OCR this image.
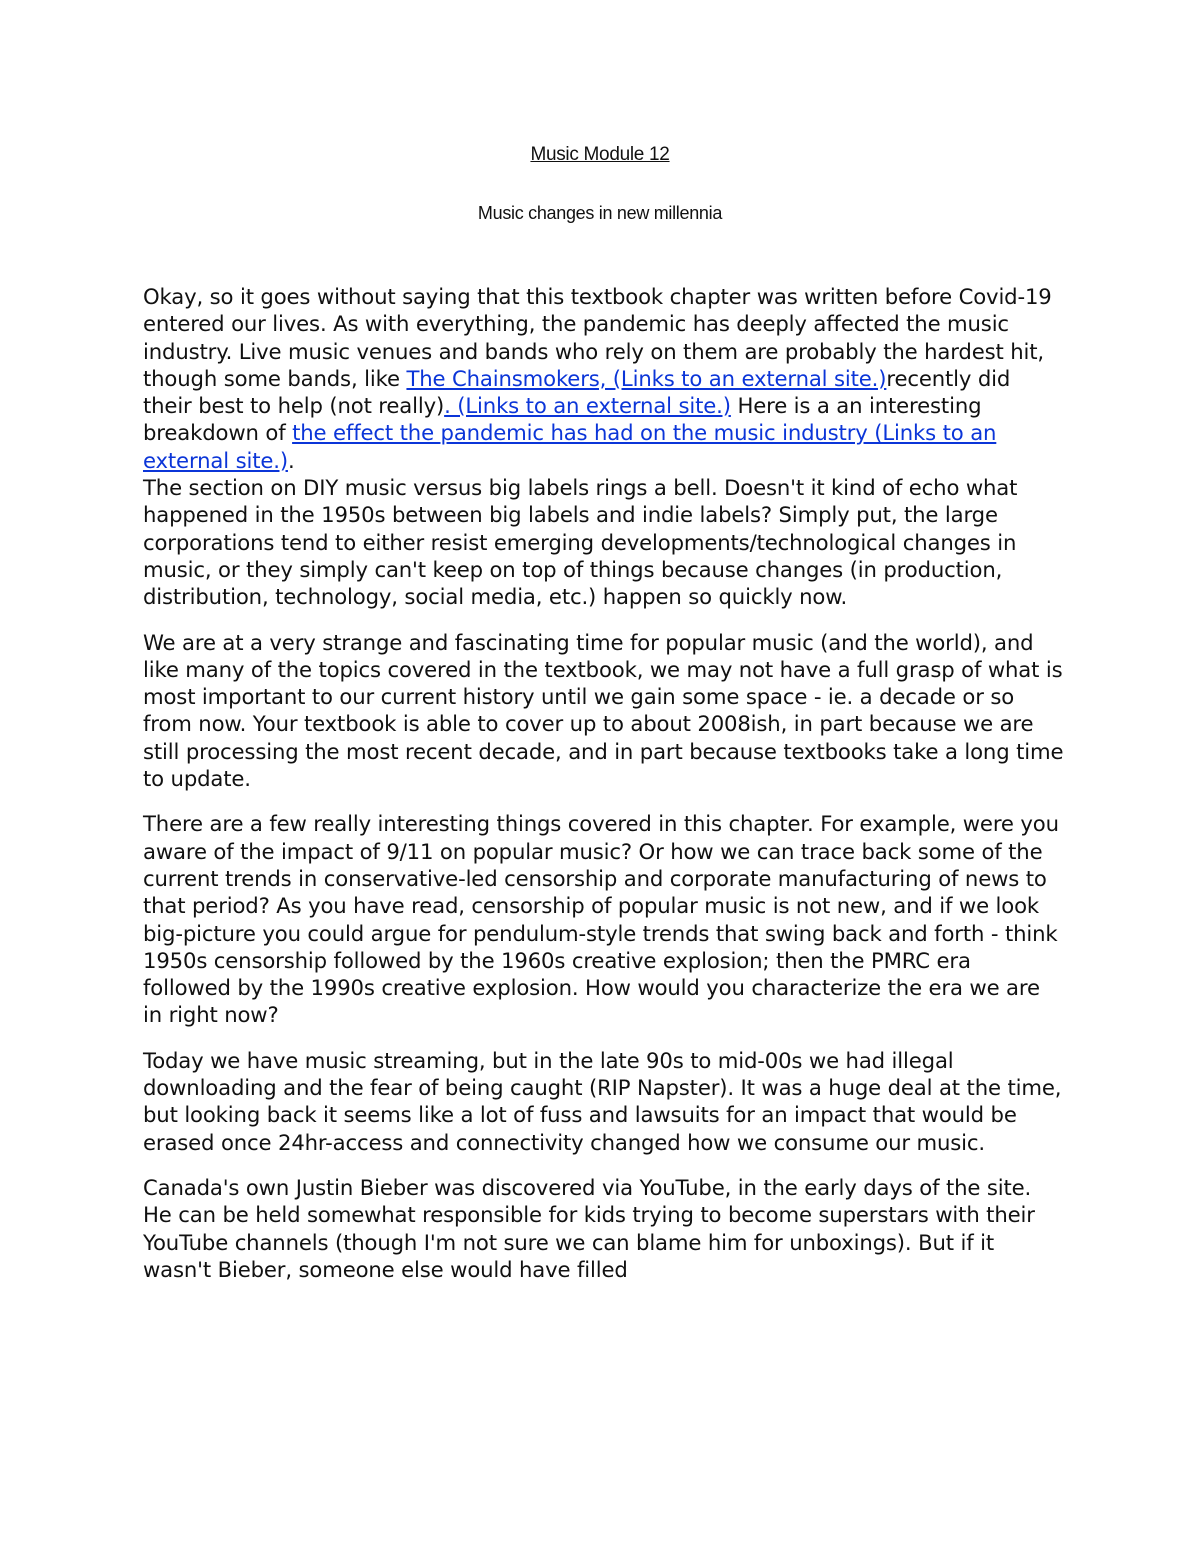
Music Module 12
Music changes in new millennia

Okay, so it goes without saying that this textbook chapter was written before Covid-19 entered our lives. As with everything, the pandemic has deeply affected the music industry. Live music venues and bands who rely on them are probably the hardest hit, though some bands, like The Chainsmokers, (Links to an external site.)recently did their best to help (not really). (Links to an external site.) Here is a an interesting breakdown of the effect the pandemic has had on the music industry (Links to an external site.).

The section on DIY music versus big labels rings a bell. Doesn't it kind of echo what happened in the 1950s between big labels and indie labels? Simply put, the large corporations tend to either resist emerging developments/technological changes in music, or they simply can't keep on top of things because changes (in production, distribution, technology, social media, etc.) happen so quickly now.

We are at a very strange and fascinating time for popular music (and the world), and like many of the topics covered in the textbook, we may not have a full grasp of what is most important to our current history until we gain some space - ie. a decade or so from now. Your textbook is able to cover up to about 2008ish, in part because we are still processing the most recent decade, and in part because textbooks take a long time to update.

There are a few really interesting things covered in this chapter. For example, were you aware of the impact of 9/11 on popular music? Or how we can trace back some of the current trends in conservative-led censorship and corporate manufacturing of news to that period? As you have read, censorship of popular music is not new, and if we look big-picture you could argue for pendulum-style trends that swing back and forth - think 1950s censorship followed by the 1960s creative explosion; then the PMRC era followed by the 1990s creative explosion. How would you characterize the era we are in right now?

Today we have music streaming, but in the late 90s to mid-00s we had illegal downloading and the fear of being caught (RIP Napster). It was a huge deal at the time, but looking back it seems like a lot of fuss and lawsuits for an impact that would be erased once 24hr-access and connectivity changed how we consume our music.

Canada's own Justin Bieber was discovered via YouTube, in the early days of the site. He can be held somewhat responsible for kids trying to become superstars with their YouTube channels (though I'm not sure we can blame him for unboxings). But if it wasn't Bieber, someone else would have filled
